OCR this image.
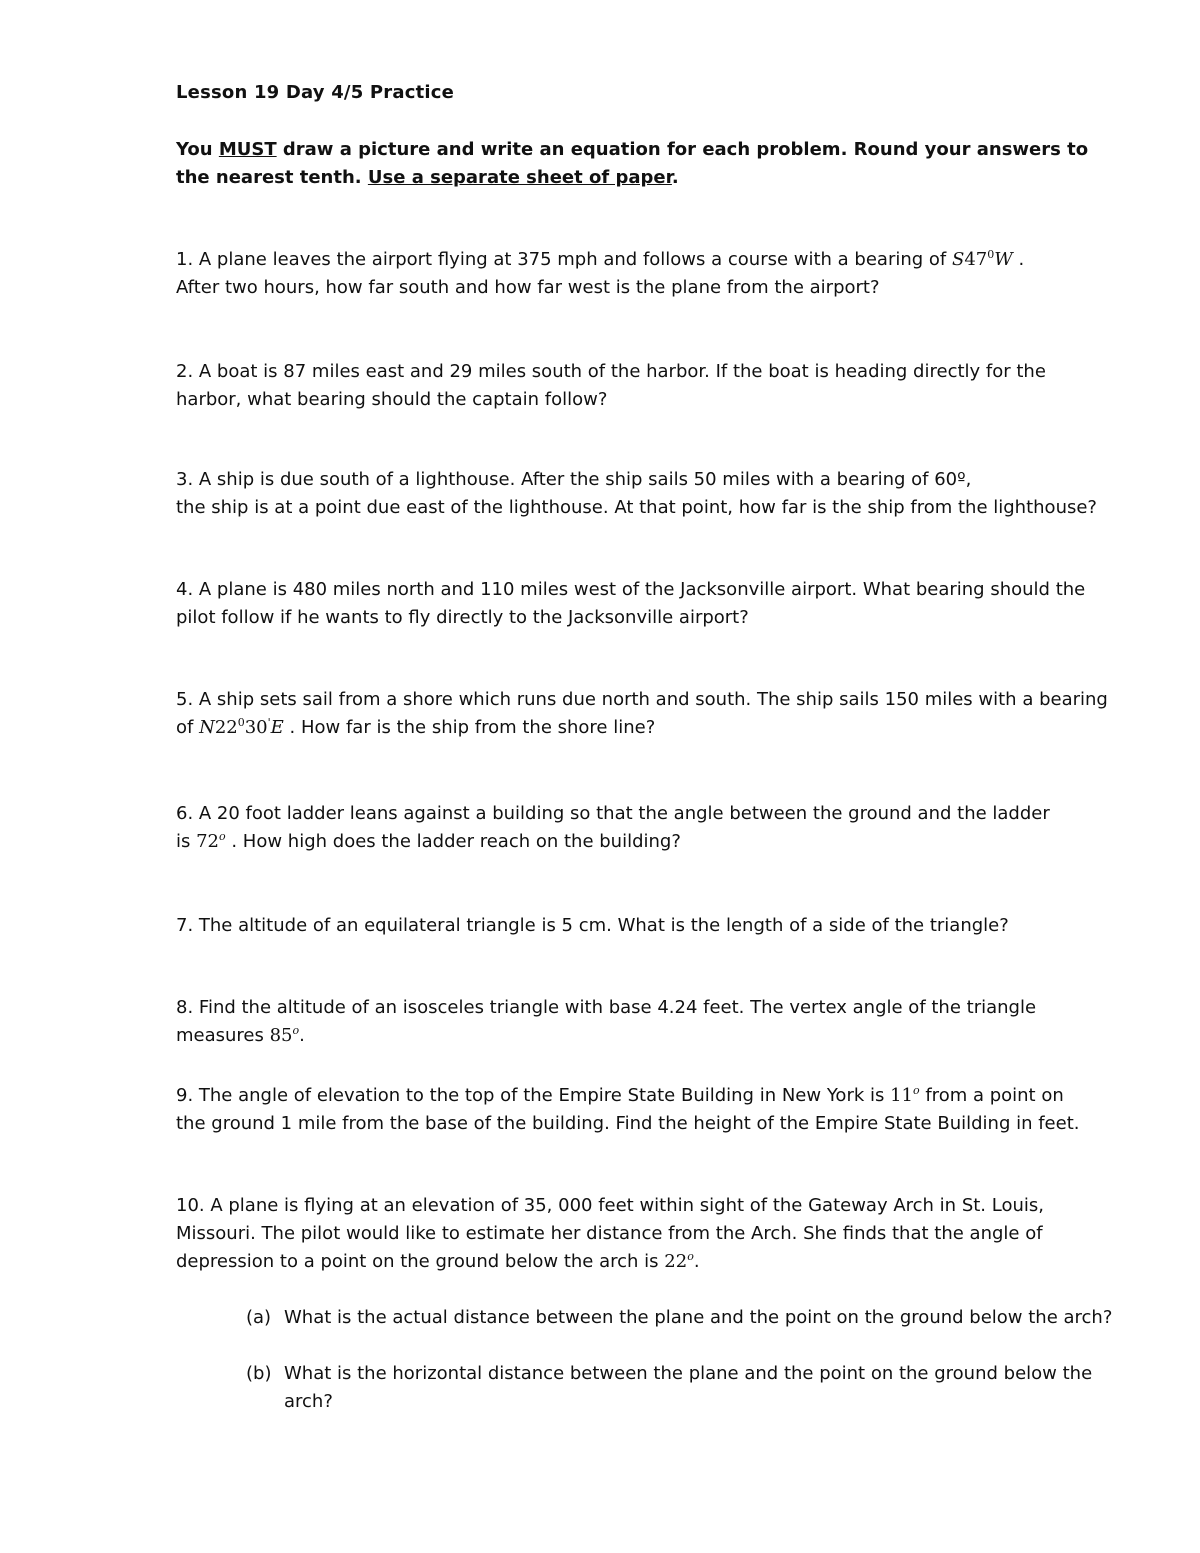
Lesson 19 Day 4/5 Practice
You MUST draw a picture and write an equation for each problem. Round your answers to the nearest tenth. Use a separate sheet of paper.
1. A plane leaves the airport flying at 375 mph and follows a course with a bearing of $S47^0W$ .
After two hours, how far south and how far west is the plane from the airport?
2. A boat is 87 miles east and 29 miles south of the harbor. If the boat is heading directly for the
harbor, what bearing should the captain follow?
3. A ship is due south of a lighthouse. After the ship sails 50 miles with a bearing of 60º,
the ship is at a point due east of the lighthouse. At that point, how far is the ship from the lighthouse?
4. A plane is 480 miles north and 110 miles west of the Jacksonville airport. What bearing should the
pilot follow if he wants to fly directly to the Jacksonville airport?
5. A ship sets sail from a shore which runs due north and south. The ship sails 150 miles with a bearing
of $N22^030'E$ . How far is the ship from the shore line?
6. A 20 foot ladder leans against a building so that the angle between the ground and the ladder
is 72$^o$ . How high does the ladder reach on the building?
7. The altitude of an equilateral triangle is 5 cm. What is the length of a side of the triangle?
8. Find the altitude of an isosceles triangle with base 4.24 feet. The vertex angle of the triangle
measures 85$^o$.
9. The angle of elevation to the top of the Empire State Building in New York is 11$^o$ from a point on
the ground 1 mile from the base of the building. Find the height of the Empire State Building in feet.
10. A plane is flying at an elevation of 35, 000 feet within sight of the Gateway Arch in St. Louis,
Missouri. The pilot would like to estimate her distance from the Arch. She finds that the angle of
depression to a point on the ground below the arch is 22$^o$.
(a) What is the actual distance between the plane and the point on the ground below the arch?
(b) What is the horizontal distance between the plane and the point on the ground below the arch?
